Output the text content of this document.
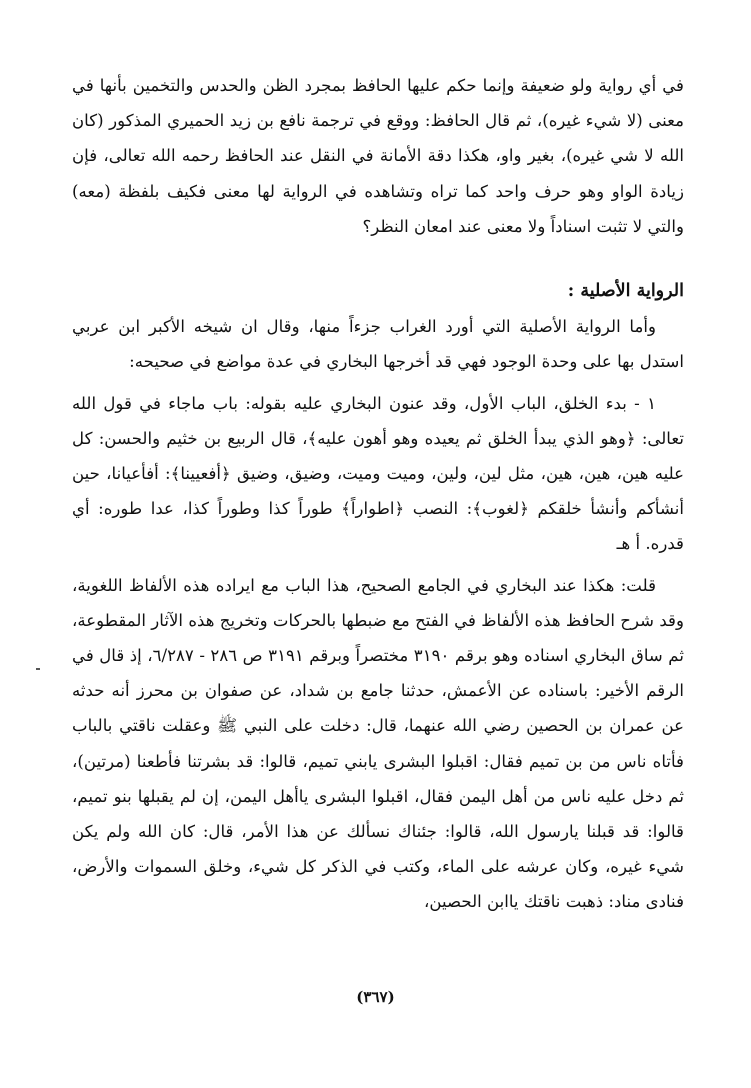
في أي رواية ولو ضعيفة وإنما حكم عليها الحافظ بمجرد الظن والحدس والتخمين بأنها في معنى (لا شيء غيره)، ثم قال الحافظ: ووقع في ترجمة نافع بن زيد الحميري المذكور (كان الله لا شي غيره)، بغير واو، هكذا دقة الأمانة في النقل عند الحافظ رحمه الله تعالى، فإن زيادة الواو وهو حرف واحد كما تراه وتشاهده في الرواية لها معنى فكيف بلفظة (معه) والتي لا تثبت اسناداً ولا معنى عند امعان النظر؟

الرواية الأصلية :

وأما الرواية الأصلية التي أورد الغراب جزءاً منها، وقال ان شيخه الأكبر ابن عربي استدل بها على وحدة الوجود فهي قد أخرجها البخاري في عدة مواضع في صحيحه:

١ - بدء الخلق، الباب الأول، وقد عنون البخاري عليه بقوله: باب ماجاء في قول الله تعالى: ﴿وهو الذي يبدأ الخلق ثم يعيده وهو أهون عليه﴾، قال الربيع بن خثيم والحسن: كل عليه هين، هين، هين، مثل لين، ولين، وميت وميت، وضيق، وضيق ﴿أفعيينا﴾: أفأعيانا، حين أنشأكم وأنشأ خلقكم ﴿لغوب﴾: النصب ﴿اطواراً﴾ طوراً كذا وطوراً كذا، عدا طوره: أي قدره. أ هـ

قلت: هكذا عند البخاري في الجامع الصحيح، هذا الباب مع ايراده هذه الألفاظ اللغوية، وقد شرح الحافظ هذه الألفاظ في الفتح مع ضبطها بالحركات وتخريج هذه الآثار المقطوعة، ثم ساق البخاري اسناده وهو برقم ٣١٩٠ مختصراً وبرقم ٣١٩١ ص ٢٨٦ - ٦/٢٨٧، إذ قال في الرقم الأخير: باسناده عن الأعمش، حدثنا جامع بن شداد، عن صفوان بن محرز أنه حدثه عن عمران بن الحصين رضي الله عنهما، قال: دخلت على النبي ﷺ وعقلت ناقتي بالباب فأتاه ناس من بن تميم فقال: اقبلوا البشرى يابني تميم، قالوا: قد بشرتنا فأطعنا (مرتين)، ثم دخل عليه ناس من أهل اليمن فقال، اقبلوا البشرى ياأهل اليمن، إن لم يقبلها بنو تميم، قالوا: قد قبلنا يارسول الله، قالوا: جئناك نسألك عن هذا الأمر، قال: كان الله ولم يكن شيء غيره، وكان عرشه على الماء، وكتب في الذكر كل شيء، وخلق السموات والأرض، فنادى مناد: ذهبت ناقتك ياابن الحصين،

(٣٦٧)
